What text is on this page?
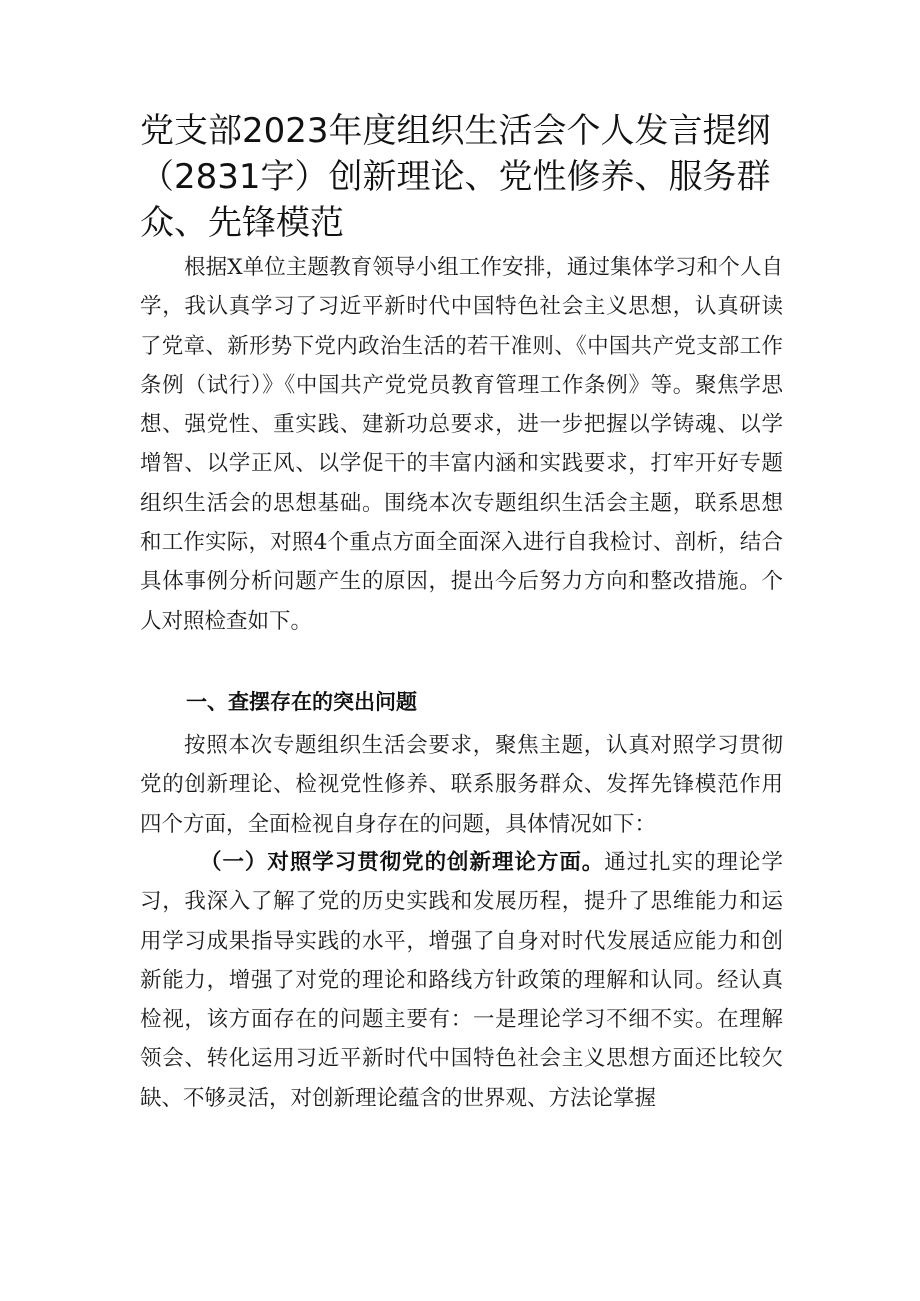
党支部2023年度组织生活会个人发言提纲（2831字）创新理论、党性修养、服务群众、先锋模范

根据X单位主题教育领导小组工作安排，通过集体学习和个人自学，我认真学习了习近平新时代中国特色社会主义思想，认真研读了党章、新形势下党内政治生活的若干准则、《中国共产党支部工作条例（试行）》《中国共产党党员教育管理工作条例》等。聚焦学思想、强党性、重实践、建新功总要求，进一步把握以学铸魂、以学增智、以学正风、以学促干的丰富内涵和实践要求，打牢开好专题组织生活会的思想基础。围绕本次专题组织生活会主题，联系思想和工作实际，对照4个重点方面全面深入进行自我检讨、剖析，结合具体事例分析问题产生的原因，提出今后努力方向和整改措施。个人对照检查如下。

一、查摆存在的突出问题

按照本次专题组织生活会要求，聚焦主题，认真对照学习贯彻党的创新理论、检视党性修养、联系服务群众、发挥先锋模范作用四个方面，全面检视自身存在的问题，具体情况如下：

（一）对照学习贯彻党的创新理论方面。通过扎实的理论学习，我深入了解了党的历史实践和发展历程，提升了思维能力和运用学习成果指导实践的水平，增强了自身对时代发展适应能力和创新能力，增强了对党的理论和路线方针政策的理解和认同。经认真检视，该方面存在的问题主要有：一是理论学习不细不实。在理解领会、转化运用习近平新时代中国特色社会主义思想方面还比较欠缺、不够灵活，对创新理论蕴含的世界观、方法论掌握
